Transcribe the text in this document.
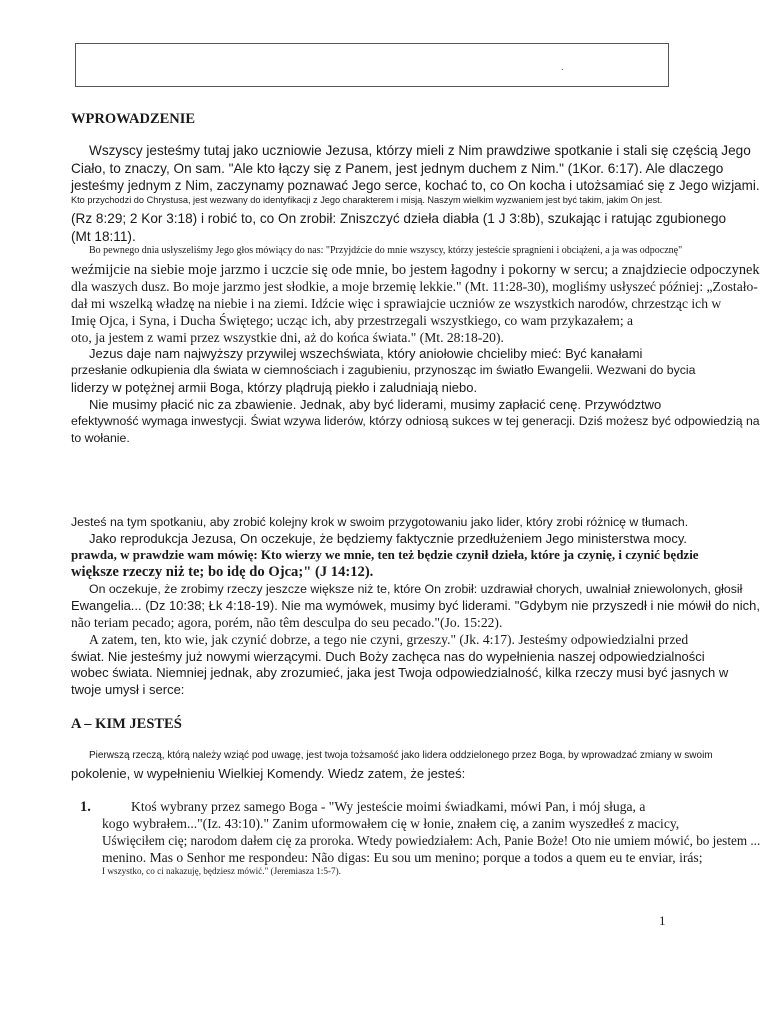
.
WPROWADZENIE
Wszyscy jesteśmy tutaj jako uczniowie Jezusa, którzy mieli z Nim prawdziwe spotkanie i stali się częścią Jego
Ciało, to znaczy, On sam. "Ale kto łączy się z Panem, jest jednym duchem z Nim." (1Kor. 6:17). Ale dlaczego
jesteśmy jednym z Nim, zaczynamy poznawać Jego serce, kochać to, co On kocha i utożsamiać się z Jego wizjami.
Kto przychodzi do Chrystusa, jest wezwany do identyfikacji z Jego charakterem i misją. Naszym wielkim wyzwaniem jest być takim, jakim On jest.
(Rz 8:29; 2 Kor 3:18) i robić to, co On zrobił: Zniszczyć dzieła diabła (1 J 3:8b), szukając i ratując zgubionego
(Mt 18:11).
Bo pewnego dnia usłyszeliśmy Jego głos mówiący do nas: "Przyjdźcie do mnie wszyscy, którzy jesteście spragnieni i obciążeni, a ja was odpocznę"
weźmijcie na siebie moje jarzmo i uczcie się ode mnie, bo jestem łagodny i pokorny w sercu; a znajdziecie odpoczynek
dla waszych dusz. Bo moje jarzmo jest słodkie, a moje brzemię lekkie." (Mt. 11:28-30), mogliśmy usłyszeć później: „Zostało-
dał mi wszelką władzę na niebie i na ziemi. Idźcie więc i sprawiajcie uczniów ze wszystkich narodów, chrzestząc ich w
Imię Ojca, i Syna, i Ducha Świętego; ucząc ich, aby przestrzegali wszystkiego, co wam przykazałem; a
oto, ja jestem z wami przez wszystkie dni, aż do końca świata." (Mt. 28:18-20).
Jezus daje nam najwyższy przywilej wszechświata, który aniołowie chcieliby mieć: Być kanałami
przesłanie odkupienia dla świata w ciemnościach i zagubieniu, przynosząc im światło Ewangelii. Wezwani do bycia
liderzy w potężnej armii Boga, którzy plądrują piekło i zaludniają niebo.
Nie musimy płacić nic za zbawienie. Jednak, aby być liderami, musimy zapłacić cenę. Przywództwo
efektywność wymaga inwestycji. Świat wzywa liderów, którzy odniosą sukces w tej generacji. Dziś możesz być odpowiedzią na
to wołanie.
Jesteś na tym spotkaniu, aby zrobić kolejny krok w swoim przygotowaniu jako lider, który zrobi różnicę w tłumach.
Jako reprodukcja Jezusa, On oczekuje, że będziemy faktycznie przedłużeniem Jego ministerstwa mocy.
prawda, w prawdzie wam mówię: Kto wierzy we mnie, ten też będzie czynił dzieła, które ja czynię, i czynić będzie
większe rzeczy niż te; bo idę do Ojca;" (J 14:12).
On oczekuje, że zrobimy rzeczy jeszcze większe niż te, które On zrobił: uzdrawiał chorych, uwalniał zniewolonych, głosił
Ewangelia... (Dz 10:38; Łk 4:18-19). Nie ma wymówek, musimy być liderami. "Gdybym nie przyszedł i nie mówił do nich,
não teriam pecado; agora, porém, não têm desculpa do seu pecado."(Jo. 15:22).
A zatem, ten, kto wie, jak czynić dobrze, a tego nie czyni, grzeszy." (Jk. 4:17). Jesteśmy odpowiedzialni przed
świat. Nie jesteśmy już nowymi wierzącymi. Duch Boży zachęca nas do wypełnienia naszej odpowiedzialności
wobec świata. Niemniej jednak, aby zrozumieć, jaka jest Twoja odpowiedzialność, kilka rzeczy musi być jasnych w
twoje umysł i serce:
A – KIM JESTEŚ
Pierwszą rzeczą, którą należy wziąć pod uwagę, jest twoja tożsamość jako lidera oddzielonego przez Boga, by wprowadzać zmiany w swoim
pokolenie, w wypełnieniu Wielkiej Komendy. Wiedz zatem, że jesteś:
1.	Ktoś wybrany przez samego Boga - "Wy jesteście moimi świadkami, mówi Pan, i mój sługa, a
kogo wybrałem..."(Iz. 43:10)." Zanim uformowałem cię w łonie, znałem cię, a zanim wyszedłeś z macicy,
Uświęciłem cię; narodom dałem cię za proroka. Wtedy powiedziałem: Ach, Panie Boże! Oto nie umiem mówić, bo jestem ...
menino. Mas o Senhor me respondeu: Não digas: Eu sou um menino; porque a todos a quem eu te enviar, irás;
I wszystko, co ci nakazuję, będziesz mówić." (Jeremiasza 1:5-7).
1
